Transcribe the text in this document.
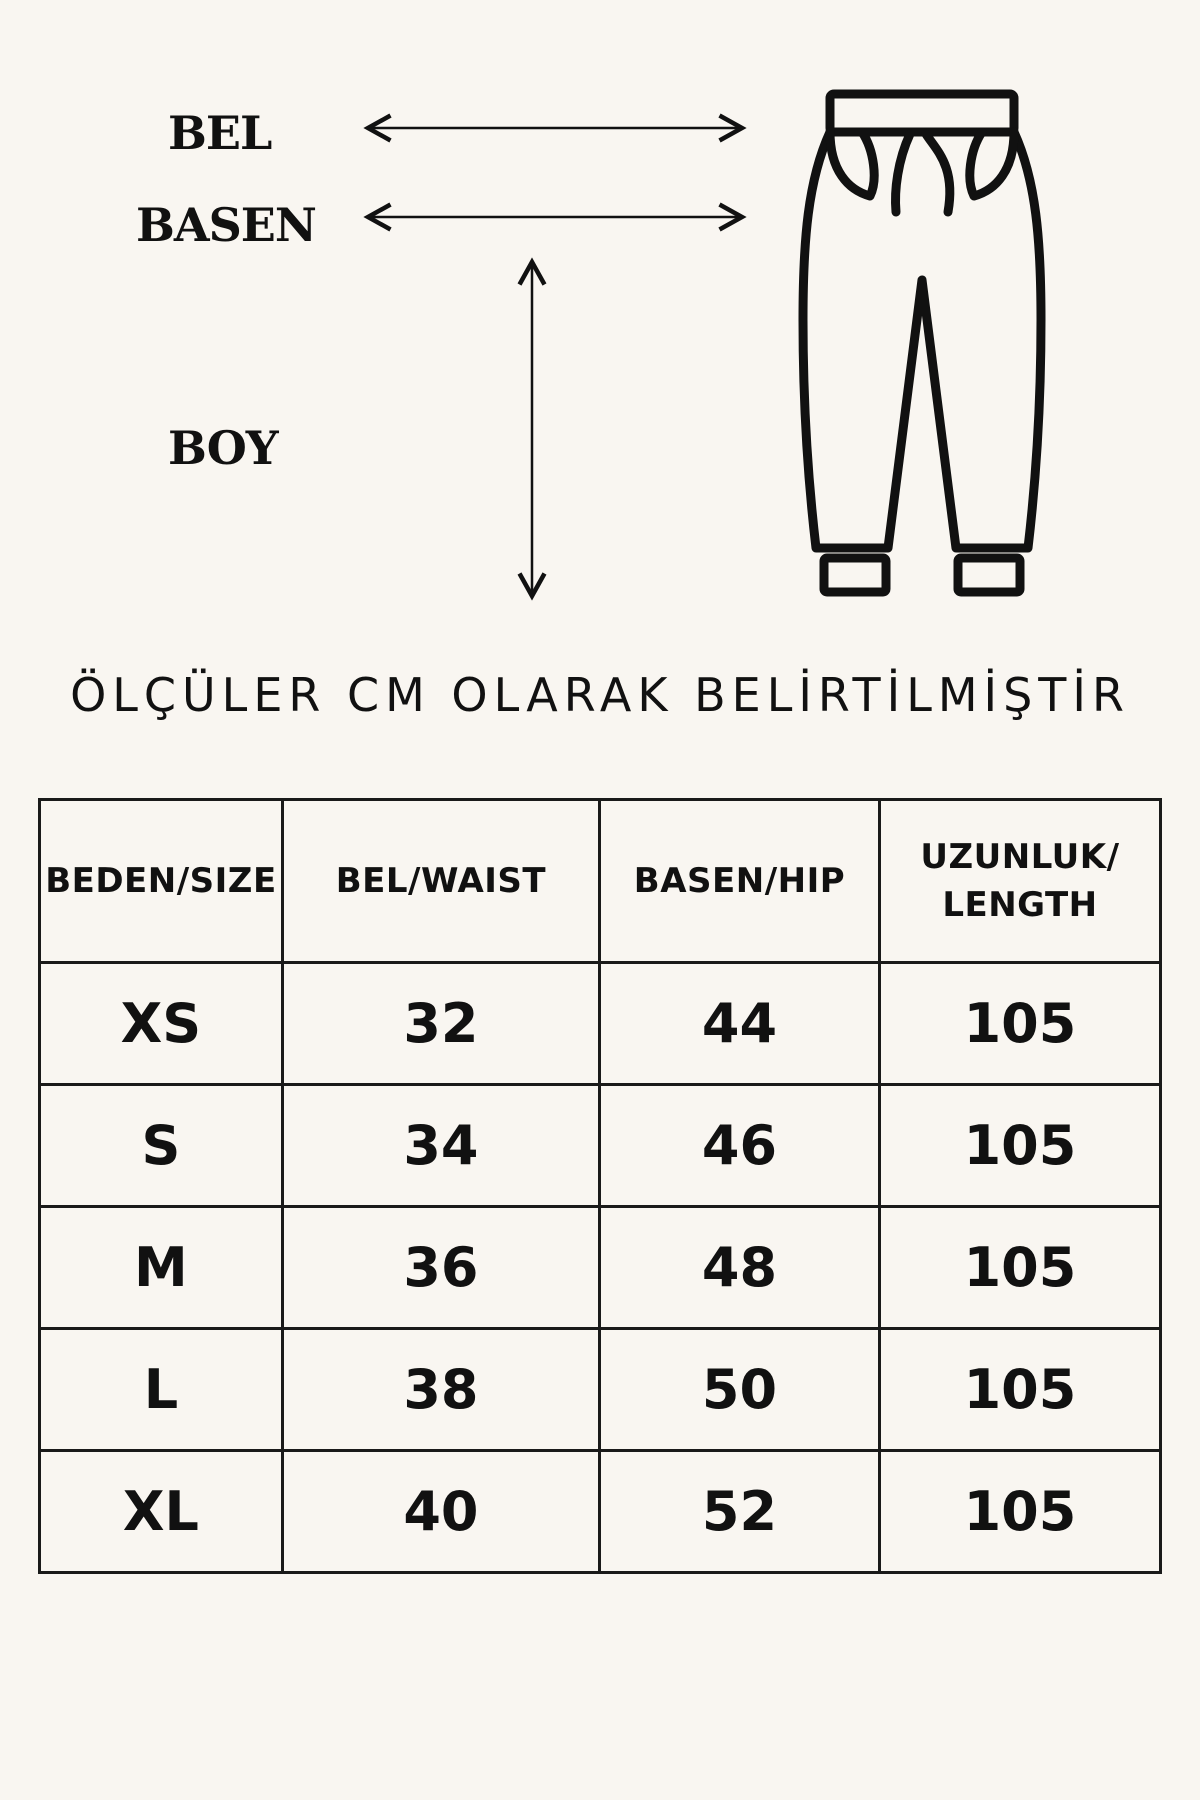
BEL
BASEN
BOY
ÖLÇÜLER CM OLARAK BELİRTİLMİŞTİR
BEDEN/SIZE	BEL/WAIST	BASEN/HIP	UZUNLUK/
LENGTH
XS	32	44	105
S	34	46	105
M	36	48	105
L	38	50	105
XL	40	52	105
